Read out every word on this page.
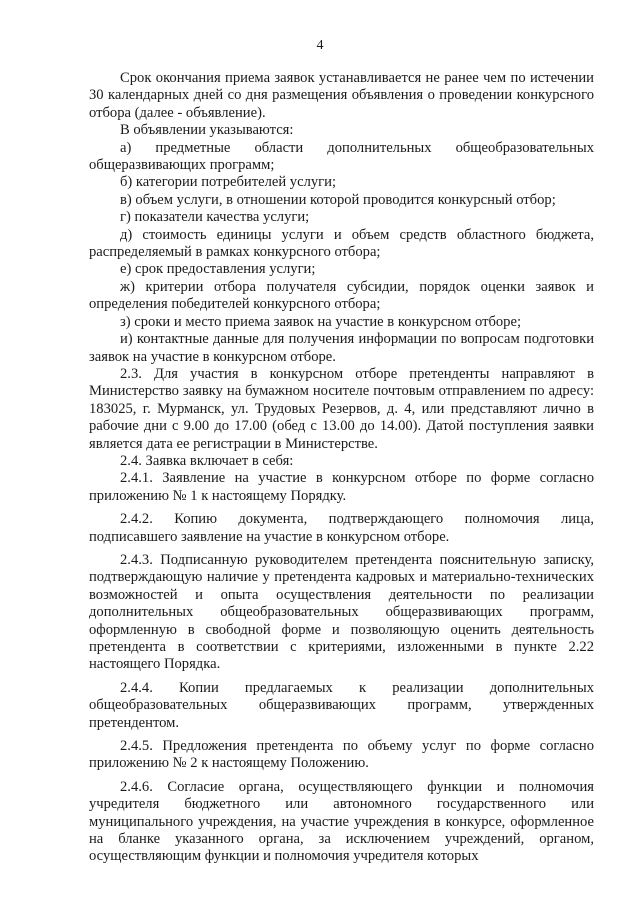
4

Срок окончания приема заявок устанавливается не ранее чем по истечении 30 календарных дней со дня размещения объявления о проведении конкурсного отбора (далее - объявление).

В объявлении указываются:

а) предметные области дополнительных общеобразовательных общеразвивающих программ;

б) категории потребителей услуги;

в) объем услуги, в отношении которой проводится конкурсный отбор;

г) показатели качества услуги;

д) стоимость единицы услуги и объем средств областного бюджета, распределяемый в рамках конкурсного отбора;

е) срок предоставления услуги;

ж) критерии отбора получателя субсидии, порядок оценки заявок и определения победителей конкурсного отбора;

з) сроки и место приема заявок на участие в конкурсном отборе;

и) контактные данные для получения информации по вопросам подготовки заявок на участие в конкурсном отборе.

2.3. Для участия в конкурсном отборе претенденты направляют в Министерство заявку на бумажном носителе почтовым отправлением по адресу: 183025, г. Мурманск, ул. Трудовых Резервов, д. 4, или представляют лично в рабочие дни с 9.00 до 17.00 (обед с 13.00 до 14.00). Датой поступления заявки является дата ее регистрации в Министерстве.

2.4. Заявка включает в себя:

2.4.1. Заявление на участие в конкурсном отборе по форме согласно приложению № 1 к настоящему Порядку.

2.4.2. Копию документа, подтверждающего полномочия лица, подписавшего заявление на участие в конкурсном отборе.

2.4.3. Подписанную руководителем претендента пояснительную записку, подтверждающую наличие у претендента кадровых и материально-технических возможностей и опыта осуществления деятельности по реализации дополнительных общеобразовательных общеразвивающих программ, оформленную в свободной форме и позволяющую оценить деятельность претендента в соответствии с критериями, изложенными в пункте 2.22 настоящего Порядка.

2.4.4. Копии предлагаемых к реализации дополнительных общеобразовательных общеразвивающих программ, утвержденных претендентом.

2.4.5. Предложения претендента по объему услуг по форме согласно приложению № 2 к настоящему Положению.

2.4.6. Согласие органа, осуществляющего функции и полномочия учредителя бюджетного или автономного государственного или муниципального учреждения, на участие учреждения в конкурсе, оформленное на бланке указанного органа, за исключением учреждений, органом, осуществляющим функции и полномочия учредителя которых
